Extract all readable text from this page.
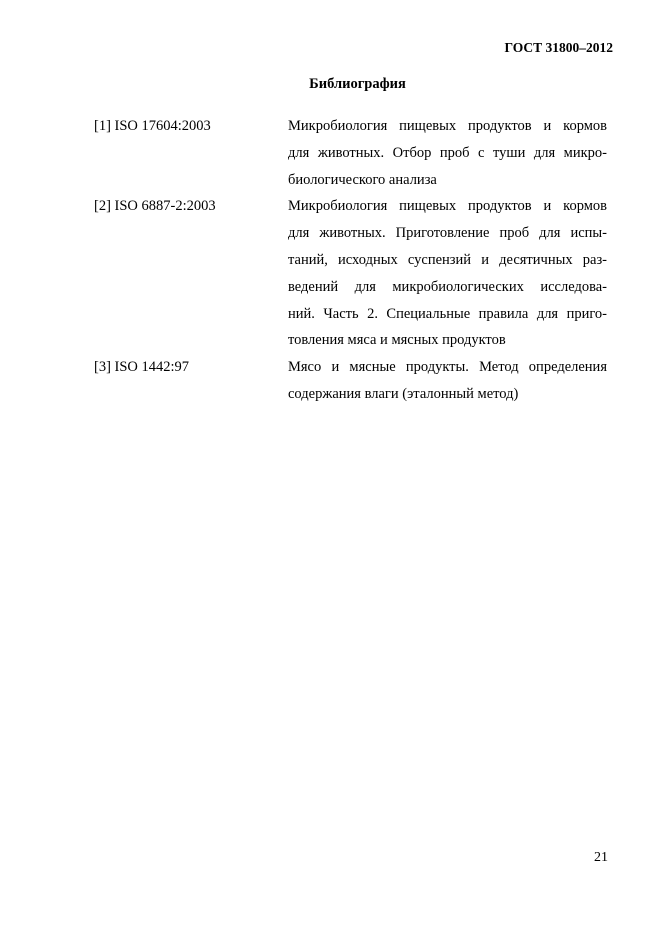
ГОСТ 31800–2012
Библиография
[1] ISO 17604:2003	Микробиология пищевых продуктов и кормов
для животных. Отбор проб с туши для микро-
биологического анализа
[2] ISO 6887-2:2003	Микробиология пищевых продуктов и кормов
для животных. Приготовление проб для испы-
таний, исходных суспензий и десятичных раз-
ведений для микробиологических исследова-
ний. Часть 2. Специальные правила для приго-
товления мяса и мясных продуктов
[3] ISO 1442:97	Мясо и мясные продукты. Метод определения
содержания влаги (эталонный метод)
21
